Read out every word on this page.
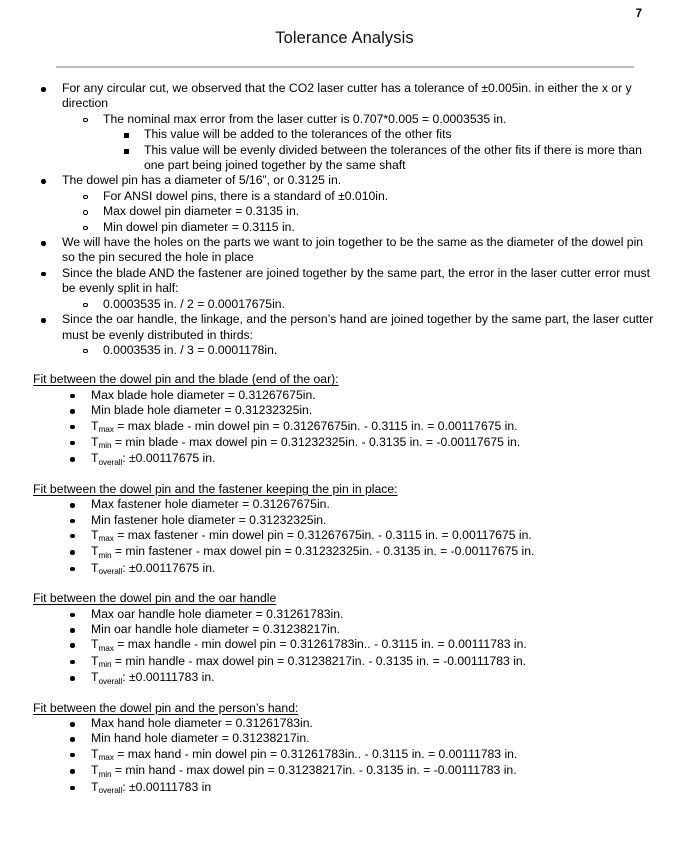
7
Tolerance Analysis
For any circular cut, we observed that the CO2 laser cutter has a tolerance of ±0.005in. in either the x or y direction
The nominal max error from the laser cutter is 0.707*0.005 = 0.0003535 in.
This value will be added to the tolerances of the other fits
This value will be evenly divided between the tolerances of the other fits if there is more than one part being joined together by the same shaft
The dowel pin has a diameter of 5/16”, or 0.3125 in.
For ANSI dowel pins, there is a standard of ±0.010in.
Max dowel pin diameter = 0.3135 in.
Min dowel pin diameter = 0.3115 in.
We will have the holes on the parts we want to join together to be the same as the diameter of the dowel pin so the pin secured the hole in place
Since the blade AND the fastener are joined together by the same part, the error in the laser cutter error must be evenly split in half:
0.0003535 in. / 2 = 0.00017675in.
Since the oar handle, the linkage, and the person’s hand are joined together by the same part, the laser cutter must be evenly distributed in thirds:
0.0003535 in. / 3 = 0.0001178in.
Fit between the dowel pin and the blade (end of the oar):
Max blade hole diameter = 0.31267675in.
Min blade hole diameter = 0.31232325in.
$T_{max} = \max$ blade - min dowel pin = 0.31267675in. - 0.3115 in. = 0.00117675 in.
$T_{min} = \min$ blade - max dowel pin = 0.31232325in. - 0.3135 in. = -0.00117675 in.
$T_{overall}$: ±0.00117675 in.
Fit between the dowel pin and the fastener keeping the pin in place:
Max fastener hole diameter = 0.31267675in.
Min fastener hole diameter = 0.31232325in.
$T_{max} = \max$ fastener - min dowel pin = 0.31267675in. - 0.3115 in. = 0.00117675 in.
$T_{min} = \min$ fastener - max dowel pin = 0.31232325in. - 0.3135 in. = -0.00117675 in.
$T_{overall}$: ±0.00117675 in.
Fit between the dowel pin and the oar handle
Max oar handle hole diameter = 0.31261783in.
Min oar handle hole diameter = 0.31238217in.
$T_{max} = \max$ handle - min dowel pin = 0.31261783in.. - 0.3115 in. = 0.00111783 in.
$T_{min} = \min$ handle - max dowel pin = 0.31238217in. - 0.3135 in. = -0.00111783 in.
$T_{overall}$: ±0.00111783 in.
Fit between the dowel pin and the person’s hand:
Max hand hole diameter = 0.31261783in.
Min hand hole diameter = 0.31238217in.
$T_{max} = \max$ hand - min dowel pin = 0.31261783in.. - 0.3115 in. = 0.00111783 in.
$T_{min} = \min$ hand - max dowel pin = 0.31238217in. - 0.3135 in. = -0.00111783 in.
$T_{overall}$: ±0.00111783 in
